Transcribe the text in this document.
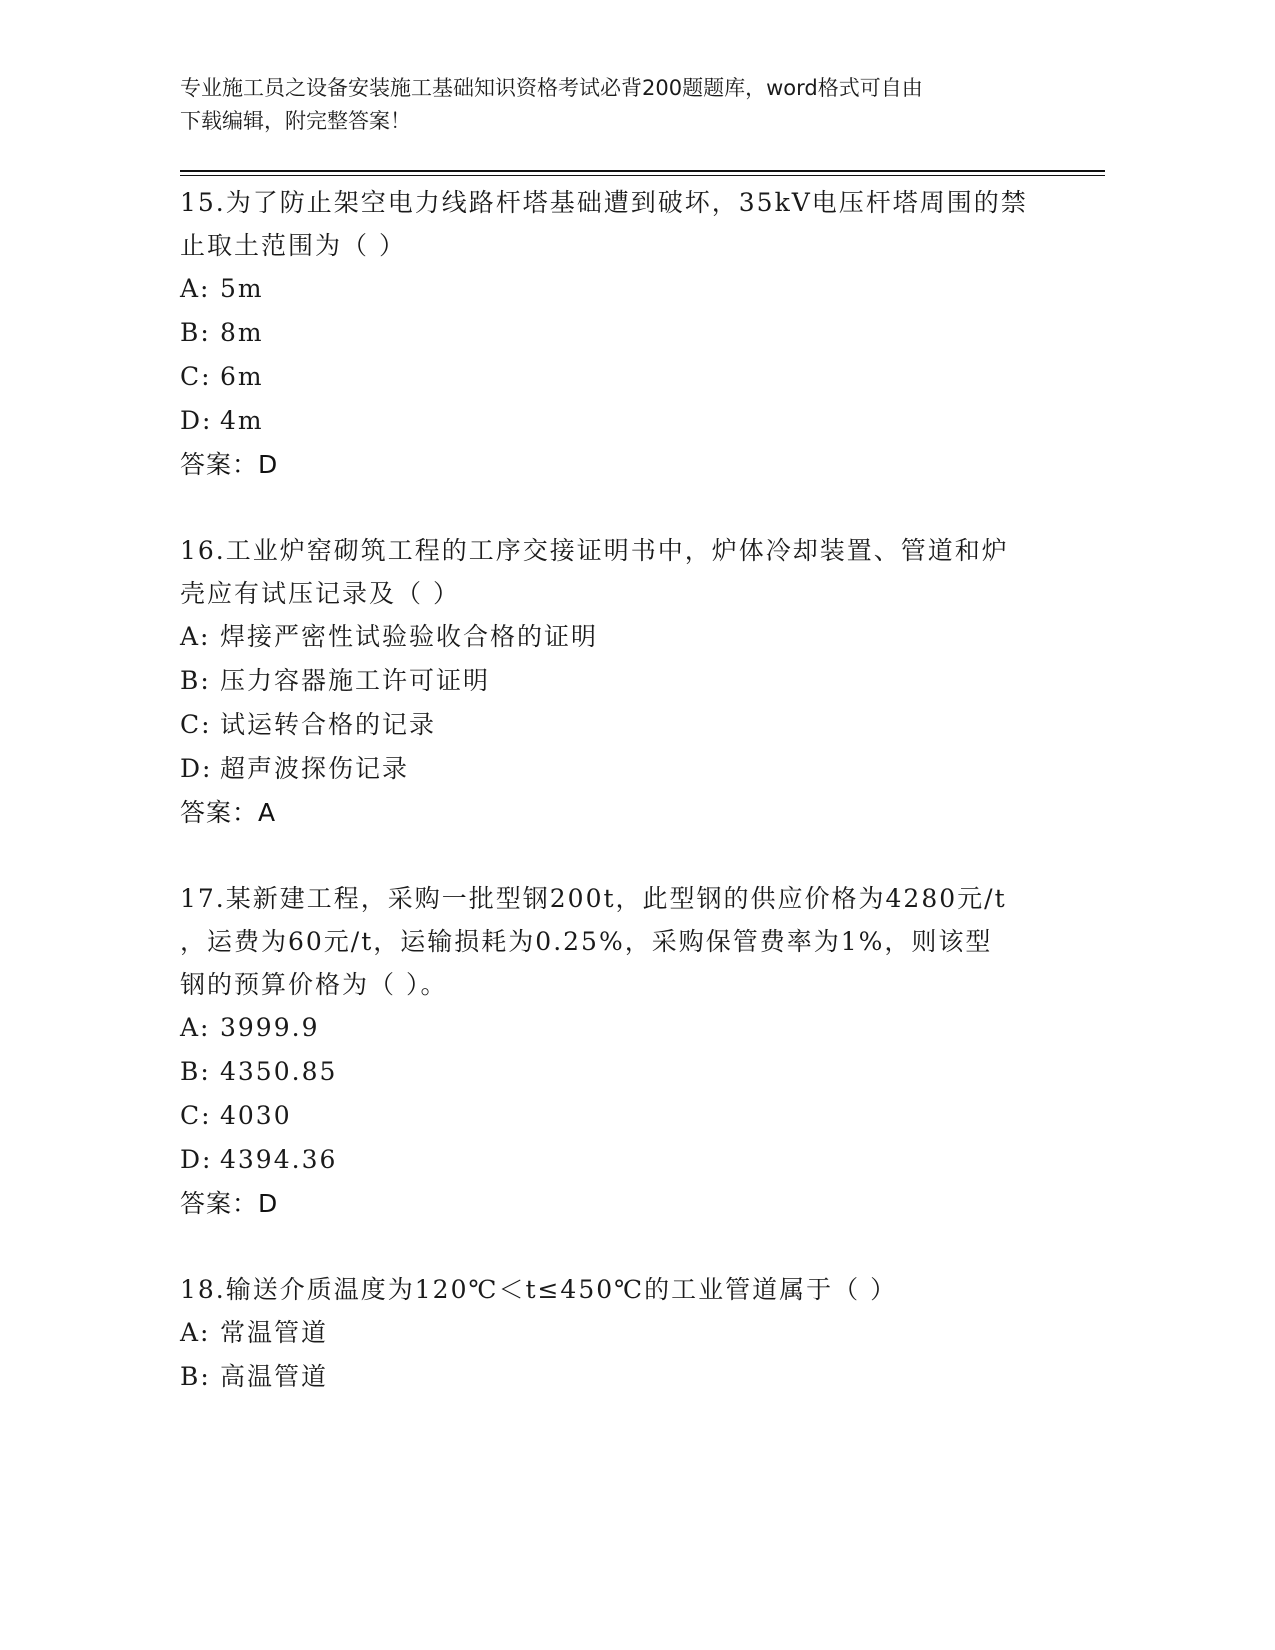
专业施工员之设备安装施工基础知识资格考试必背200题题库，word格式可自由
下载编辑，附完整答案！
15.为了防止架空电力线路杆塔基础遭到破坏，35kV电压杆塔周围的禁
止取土范围为（ ）
A: 5m
B: 8m
C: 6m
D: 4m
答案：D
16.工业炉窑砌筑工程的工序交接证明书中，炉体冷却装置、管道和炉
壳应有试压记录及（ ）
A: 焊接严密性试验验收合格的证明
B: 压力容器施工许可证明
C: 试运转合格的记录
D: 超声波探伤记录
答案：A
17.某新建工程，采购一批型钢200t，此型钢的供应价格为4280元/t
，运费为60元/t，运输损耗为0.25%，采购保管费率为1%，则该型
钢的预算价格为（ ）。
A: 3999.9
B: 4350.85
C: 4030
D: 4394.36
答案：D
18.输送介质温度为120℃＜t≤450℃的工业管道属于（ ）
A: 常温管道
B: 高温管道
